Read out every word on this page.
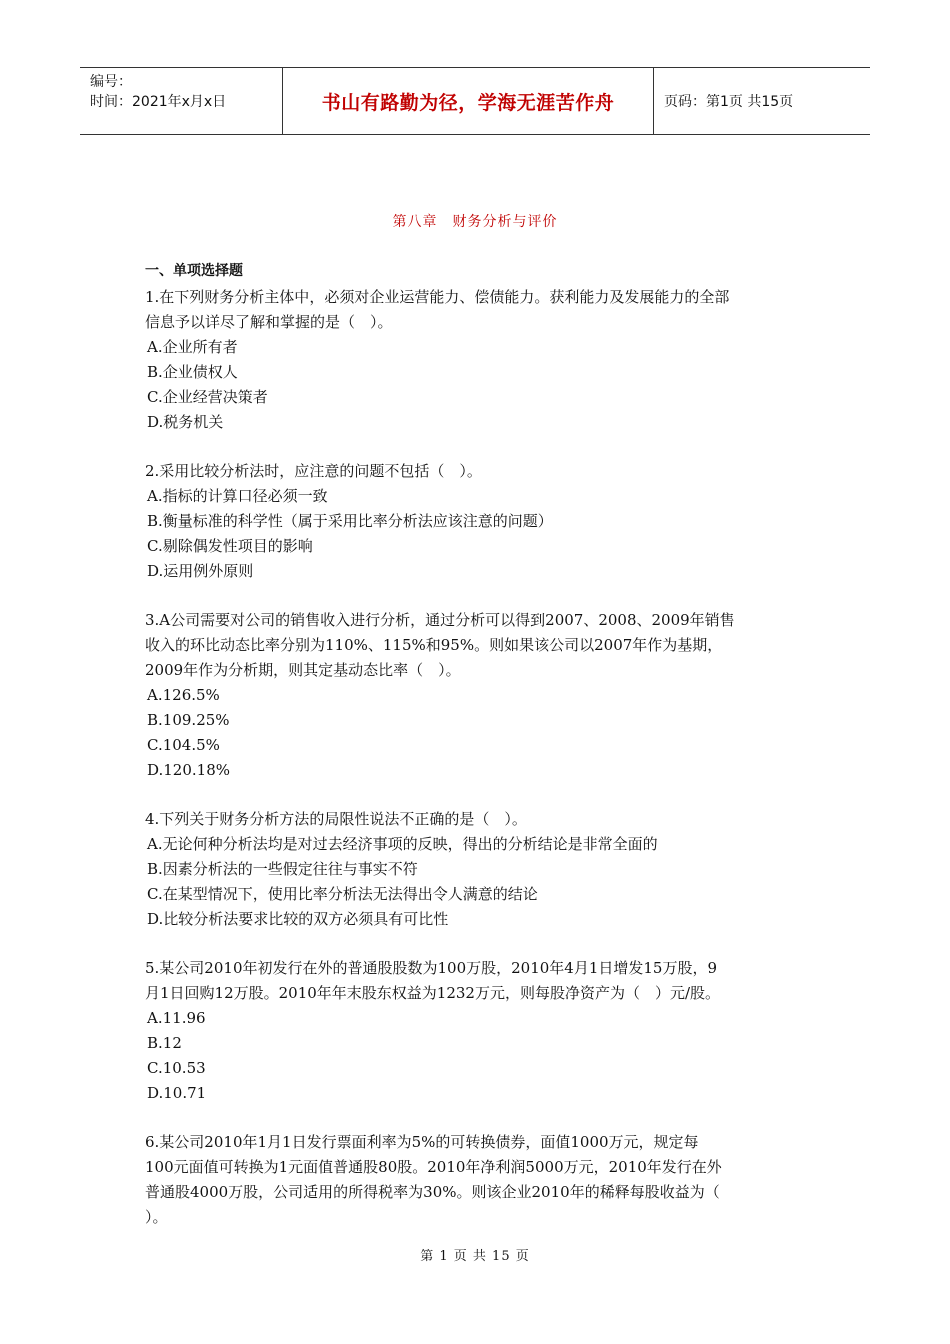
编号：
时间：2021年x月x日	书山有路勤为径，学海无涯苦作舟	页码：第1页 共15页
第八章　财务分析与评价
一、单项选择题
1.在下列财务分析主体中，必须对企业运营能力、偿债能力。获利能力及发展能力的全部
信息予以详尽了解和掌握的是（　）。
A.企业所有者
B.企业债权人
C.企业经营决策者
D.税务机关
2.采用比较分析法时，应注意的问题不包括（　）。
A.指标的计算口径必须一致
B.衡量标准的科学性（属于采用比率分析法应该注意的问题）
C.剔除偶发性项目的影响
D.运用例外原则
3.A公司需要对公司的销售收入进行分析，通过分析可以得到2007、2008、2009年销售
收入的环比动态比率分别为110%、115%和95%。则如果该公司以2007年作为基期，
2009年作为分析期，则其定基动态比率（　）。
A.126.5%
B.109.25%
C.104.5%
D.120.18%
4.下列关于财务分析方法的局限性说法不正确的是（　）。
A.无论何种分析法均是对过去经济事项的反映，得出的分析结论是非常全面的
B.因素分析法的一些假定往往与事实不符
C.在某型情况下，使用比率分析法无法得出令人满意的结论
D.比较分析法要求比较的双方必须具有可比性
5.某公司2010年初发行在外的普通股股数为100万股，2010年4月1日增发15万股，9
月1日回购12万股。2010年年末股东权益为1232万元，则每股净资产为（　）元/股。
A.11.96
B.12
C.10.53
D.10.71
6.某公司2010年1月1日发行票面利率为5%的可转换债券，面值1000万元，规定每
100元面值可转换为1元面值普通股80股。2010年净利润5000万元，2010年发行在外
普通股4000万股，公司适用的所得税率为30%。则该企业2010年的稀释每股收益为（
）。
第 1 页 共 15 页
